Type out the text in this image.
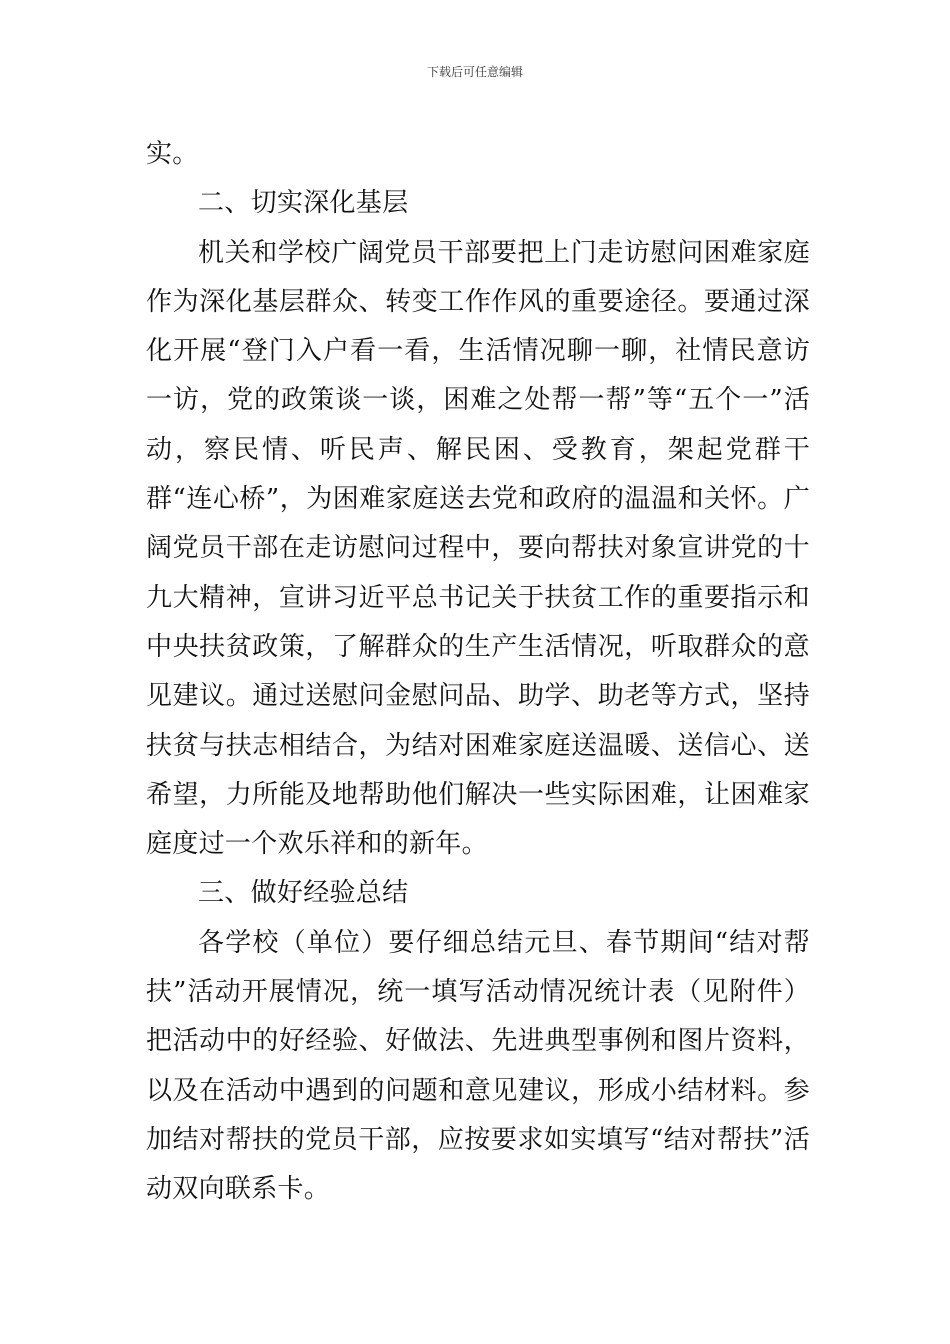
下载后可任意编辑

实。

二、切实深化基层

机关和学校广阔党员干部要把上门走访慰问困难家庭作为深化基层群众、转变工作作风的重要途径。要通过深化开展“登门入户看一看，生活情况聊一聊，社情民意访一访，党的政策谈一谈，困难之处帮一帮”等“五个一”活动，察民情、听民声、解民困、受教育，架起党群干群“连心桥”，为困难家庭送去党和政府的温温和关怀。广阔党员干部在走访慰问过程中，要向帮扶对象宣讲党的十九大精神，宣讲习近平总书记关于扶贫工作的重要指示和中央扶贫政策，了解群众的生产生活情况，听取群众的意见建议。通过送慰问金慰问品、助学、助老等方式，坚持扶贫与扶志相结合，为结对困难家庭送温暖、送信心、送希望，力所能及地帮助他们解决一些实际困难，让困难家庭度过一个欢乐祥和的新年。

三、做好经验总结

各学校（单位）要仔细总结元旦、春节期间“结对帮扶”活动开展情况，统一填写活动情况统计表（见附件）把活动中的好经验、好做法、先进典型事例和图片资料，以及在活动中遇到的问题和意见建议，形成小结材料。参加结对帮扶的党员干部，应按要求如实填写“结对帮扶”活动双向联系卡。
